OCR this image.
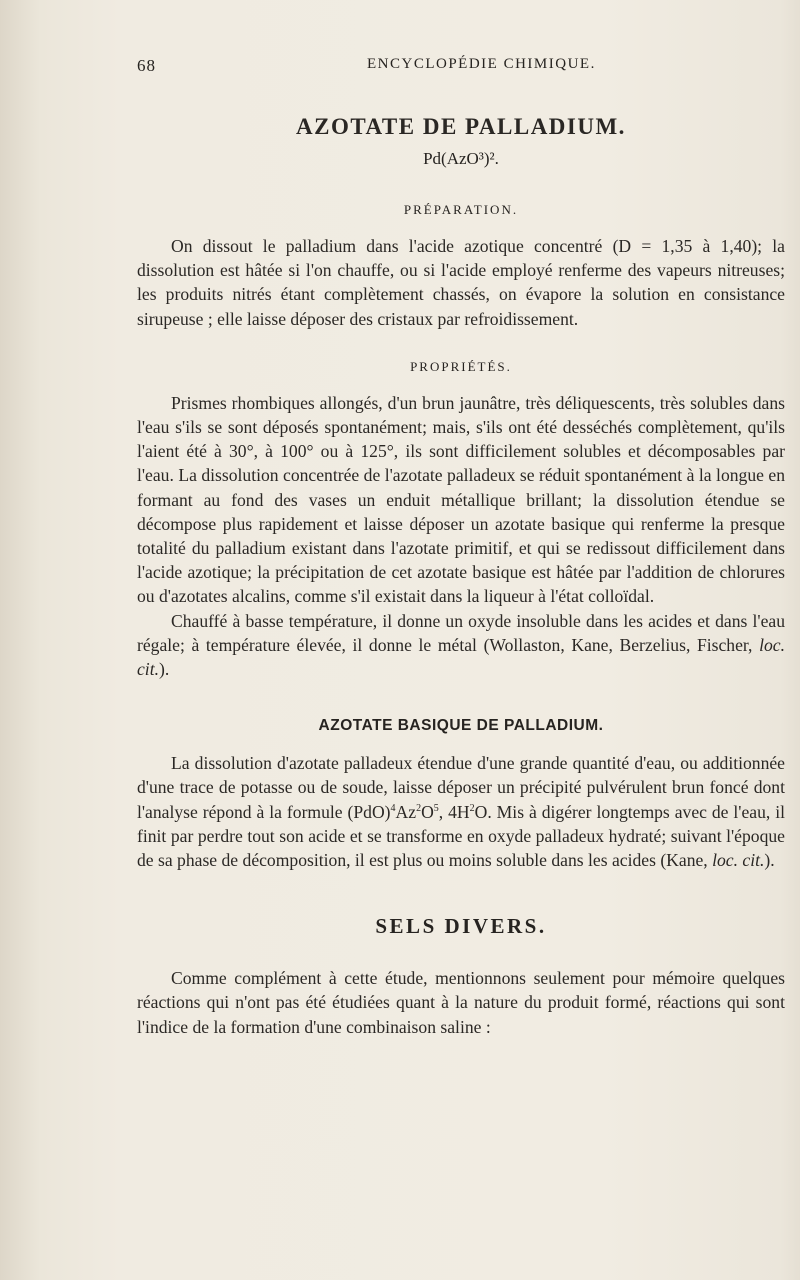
68	ENCYCLOPÉDIE CHIMIQUE.
AZOTATE DE PALLADIUM.
Pd(AzO³)².
PRÉPARATION.

On dissout le palladium dans l'acide azotique concentré (D = 1,35 à 1,40); la dissolution est hâtée si l'on chauffe, ou si l'acide employé renferme des vapeurs nitreuses; les produits nitrés étant complètement chassés, on évapore la solution en consistance sirupeuse ; elle laisse déposer des cristaux par refroidissement.

PROPRIÉTÉS.

Prismes rhombiques allongés, d'un brun jaunâtre, très déliquescents, très solubles dans l'eau s'ils se sont déposés spontanément; mais, s'ils ont été desséchés complètement, qu'ils l'aient été à 30°, à 100° ou à 125°, ils sont difficilement solubles et décomposables par l'eau. La dissolution concentrée de l'azotate palladeux se réduit spontanément à la longue en formant au fond des vases un enduit métallique brillant; la dissolution étendue se décompose plus rapidement et laisse déposer un azotate basique qui renferme la presque totalité du palladium existant dans l'azotate primitif, et qui se redissout difficilement dans l'acide azotique; la précipitation de cet azotate basique est hâtée par l'addition de chlorures ou d'azotates alcalins, comme s'il existait dans la liqueur à l'état colloïdal.

Chauffé à basse température, il donne un oxyde insoluble dans les acides et dans l'eau régale; à température élevée, il donne le métal (Wollaston, Kane, Berzelius, Fischer, loc. cit.).

AZOTATE BASIQUE DE PALLADIUM.

La dissolution d'azotate palladeux étendue d'une grande quantité d'eau, ou additionnée d'une trace de potasse ou de soude, laisse déposer un précipité pulvérulent brun foncé dont l'analyse répond à la formule $(PdO)^4Az^2O^5$, $4H^2O$. Mis à digérer longtemps avec de l'eau, il finit par perdre tout son acide et se transforme en oxyde palladeux hydraté; suivant l'époque de sa phase de décomposition, il est plus ou moins soluble dans les acides (Kane, loc. cit.).

SELS DIVERS.

Comme complément à cette étude, mentionnons seulement pour mémoire quelques réactions qui n'ont pas été étudiées quant à la nature du produit formé, réactions qui sont l'indice de la formation d'une combinaison saline :
